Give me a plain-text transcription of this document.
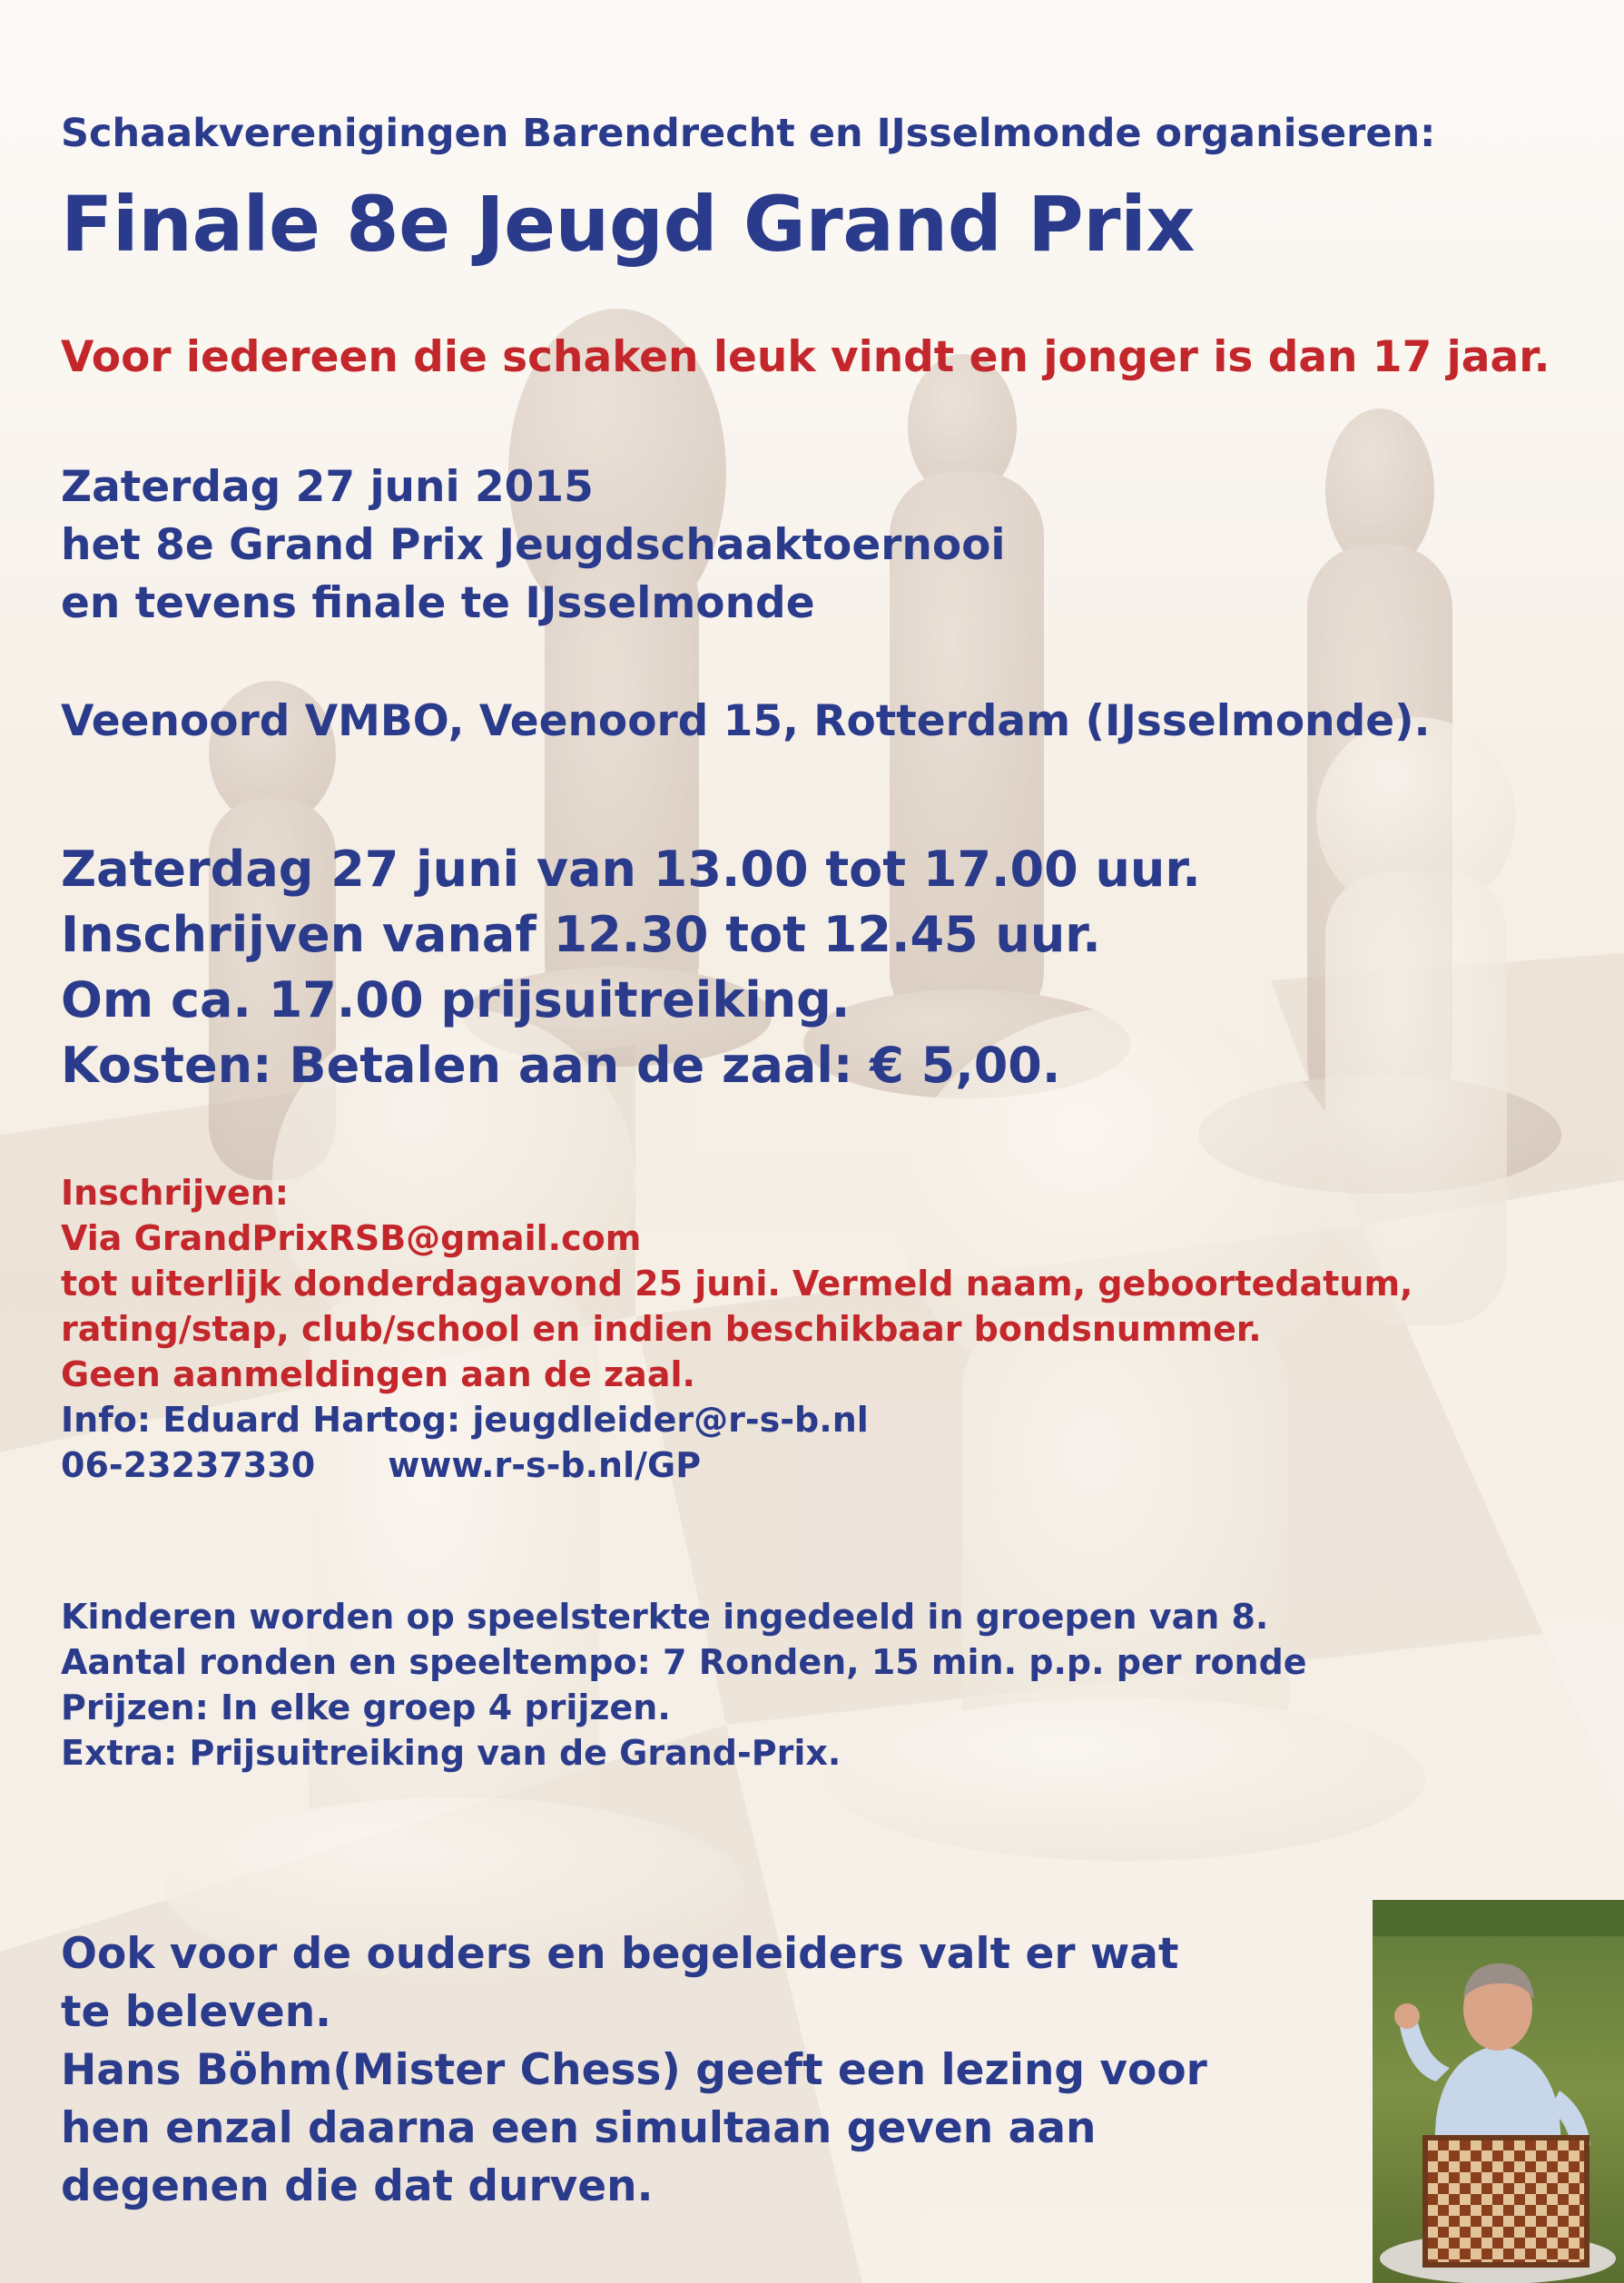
Schaakverenigingen Barendrecht en IJsselmonde organiseren:
Finale 8e Jeugd Grand Prix
Voor iedereen die schaken leuk vindt en jonger is dan 17 jaar.
Zaterdag 27 juni 2015
het 8e Grand Prix Jeugdschaaktoernooi
en tevens finale te IJsselmonde
Veenoord VMBO, Veenoord 15, Rotterdam (IJsselmonde).
Zaterdag 27 juni van 13.00 tot 17.00 uur.
Inschrijven vanaf 12.30 tot 12.45 uur.
Om ca. 17.00 prijsuitreiking.
Kosten: Betalen aan de zaal: € 5,00.
Inschrijven:
Via GrandPrixRSB@gmail.com
tot uiterlijk donderdagavond 25 juni. Vermeld naam, geboortedatum,
rating/stap, club/school en indien beschikbaar bondsnummer.
Geen aanmeldingen aan de zaal.
Info: Eduard Hartog: jeugdleider@r-s-b.nl
06-23237330 www.r-s-b.nl/GP
Kinderen worden op speelsterkte ingedeeld in groepen van 8.
Aantal ronden en speeltempo: 7 Ronden, 15 min. p.p. per ronde
Prijzen: In elke groep 4 prijzen.
Extra: Prijsuitreiking van de Grand-Prix.
Ook voor de ouders en begeleiders valt er wat
te beleven.
Hans Böhm(Mister Chess) geeft een lezing voor
hen enzal daarna een simultaan geven aan
degenen die dat durven.
